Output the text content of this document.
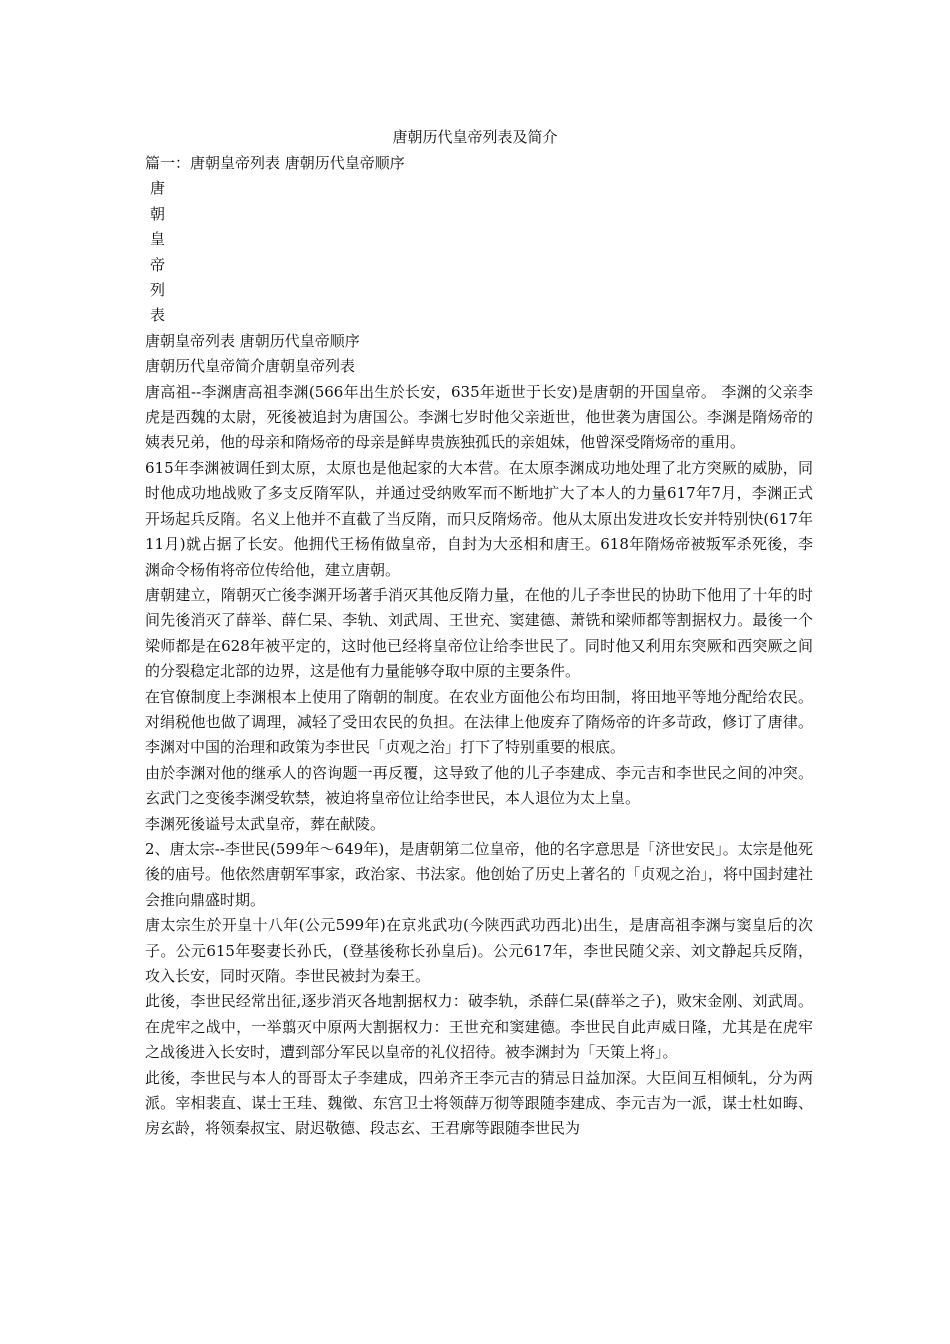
唐朝历代皇帝列表及简介
篇一：唐朝皇帝列表 唐朝历代皇帝顺序
唐
朝
皇
帝
列
表
唐朝皇帝列表 唐朝历代皇帝顺序
唐朝历代皇帝简介唐朝皇帝列表

唐高祖--李渊唐高祖李渊(566年出生於长安，635年逝世于长安)是唐朝的开国皇帝。 李渊的父亲李虎是西魏的太尉，死後被追封为唐国公。李渊七岁时他父亲逝世，他世袭为唐国公。李渊是隋炀帝的姨表兄弟，他的母亲和隋炀帝的母亲是鲜卑贵族独孤氏的亲姐妹，他曾深受隋炀帝的重用。

615年李渊被调任到太原，太原也是他起家的大本营。在太原李渊成功地处理了北方突厥的威胁，同时他成功地战败了多支反隋军队，并通过受纳败军而不断地扩大了本人的力量617年7月，李渊正式开场起兵反隋。名义上他并不直截了当反隋，而只反隋炀帝。他从太原出发进攻长安并特别快(617年11月)就占据了长安。他拥代王杨侑做皇帝，自封为大丞相和唐王。618年隋炀帝被叛军杀死後，李渊命令杨侑将帝位传给他，建立唐朝。

唐朝建立，隋朝灭亡後李渊开场著手消灭其他反隋力量，在他的儿子李世民的协助下他用了十年的时间先後消灭了薛举、薛仁杲、李轨、刘武周、王世充、窦建德、萧铣和梁师都等割据权力。最後一个梁师都是在628年被平定的，这时他已经将皇帝位让给李世民了。同时他又利用东突厥和西突厥之间的分裂稳定北部的边界，这是他有力量能够夺取中原的主要条件。

在官僚制度上李渊根本上使用了隋朝的制度。在农业方面他公布均田制，将田地平等地分配给农民。对绢税他也做了调理，减轻了受田农民的负担。在法律上他废弃了隋炀帝的许多苛政，修订了唐律。李渊对中国的治理和政策为李世民「贞观之治」打下了特别重要的根底。

由於李渊对他的继承人的咨询题一再反覆，这导致了他的儿子李建成、李元吉和李世民之间的冲突。玄武门之变後李渊受软禁，被迫将皇帝位让给李世民，本人退位为太上皇。

李渊死後谥号太武皇帝，葬在献陵。

2、唐太宗--李世民(599年～649年)，是唐朝第二位皇帝，他的名字意思是「济世安民」。太宗是他死後的庙号。他依然唐朝军事家，政治家、书法家。他创始了历史上著名的「贞观之治」，将中国封建社会推向鼎盛时期。

唐太宗生於开皇十八年(公元599年)在京兆武功(今陕西武功西北)出生，是唐高祖李渊与窦皇后的次子。公元615年娶妻长孙氏，(登基後称长孙皇后)。公元617年，李世民随父亲、刘文静起兵反隋，攻入长安，同时灭隋。李世民被封为秦王。

此後，李世民经常出征,逐步消灭各地割据权力：破李轨，杀薛仁杲(薛举之子)，败宋金刚、刘武周。在虎牢之战中，一举翦灭中原两大割据权力：王世充和窦建德。李世民自此声威日隆，尤其是在虎牢之战後进入长安时，遭到部分军民以皇帝的礼仪招待。被李渊封为「天策上将」。

此後，李世民与本人的哥哥太子李建成，四弟齐王李元吉的猜忌日益加深。大臣间互相倾轧，分为两派。宰相裴直、谋士王珪、魏徵、东宫卫士将领薛万彻等跟随李建成、李元吉为一派，谋士杜如晦、房玄龄，将领秦叔宝、尉迟敬德、段志玄、王君廓等跟随李世民为
